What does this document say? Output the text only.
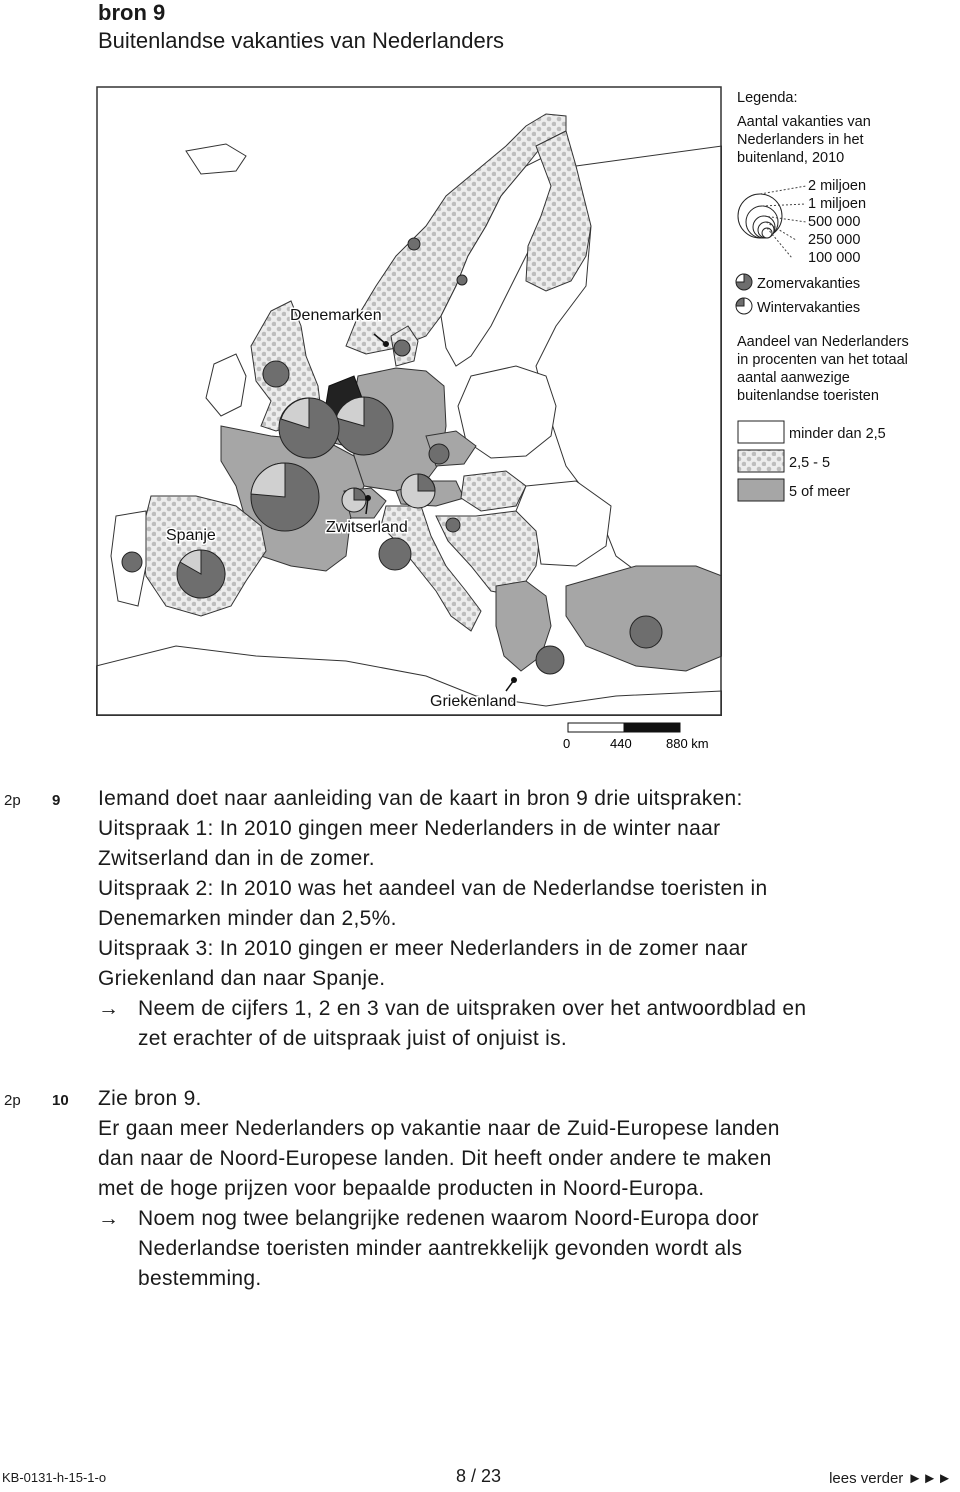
bron 9
Buitenlandse vakanties van Nederlanders
Denemarken
Spanje	Zwitserland
Griekenland
Legenda:
Aantal vakanties van
Nederlanders in het
buitenland, 2010
2 miljoen
1 miljoen
500 000
250 000
100 000
Zomervakanties
Wintervakanties
Aandeel van Nederlanders
in procenten van het totaal
aantal aanwezige
buitenlandse toeristen
minder dan 2,5
2,5 - 5
5 of meer
0	440	880 km
2p 9 Iemand doet naar aanleiding van de kaart in bron 9 drie uitspraken:
Uitspraak 1: In 2010 gingen meer Nederlanders in de winter naar
Zwitserland dan in de zomer.
Uitspraak 2: In 2010 was het aandeel van de Nederlandse toeristen in
Denemarken minder dan 2,5%.
Uitspraak 3: In 2010 gingen er meer Nederlanders in de zomer naar
Griekenland dan naar Spanje.
→ Neem de cijfers 1, 2 en 3 van de uitspraken over het antwoordblad en
zet erachter of de uitspraak juist of onjuist is.
2p 10 Zie bron 9.
Er gaan meer Nederlanders op vakantie naar de Zuid-Europese landen
dan naar de Noord-Europese landen. Dit heeft onder andere te maken
met de hoge prijzen voor bepaalde producten in Noord-Europa.
→ Noem nog twee belangrijke redenen waarom Noord-Europa door
Nederlandse toeristen minder aantrekkelijk gevonden wordt als
bestemming.
KB-0131-h-15-1-o	8 / 23	lees verder ►►►
